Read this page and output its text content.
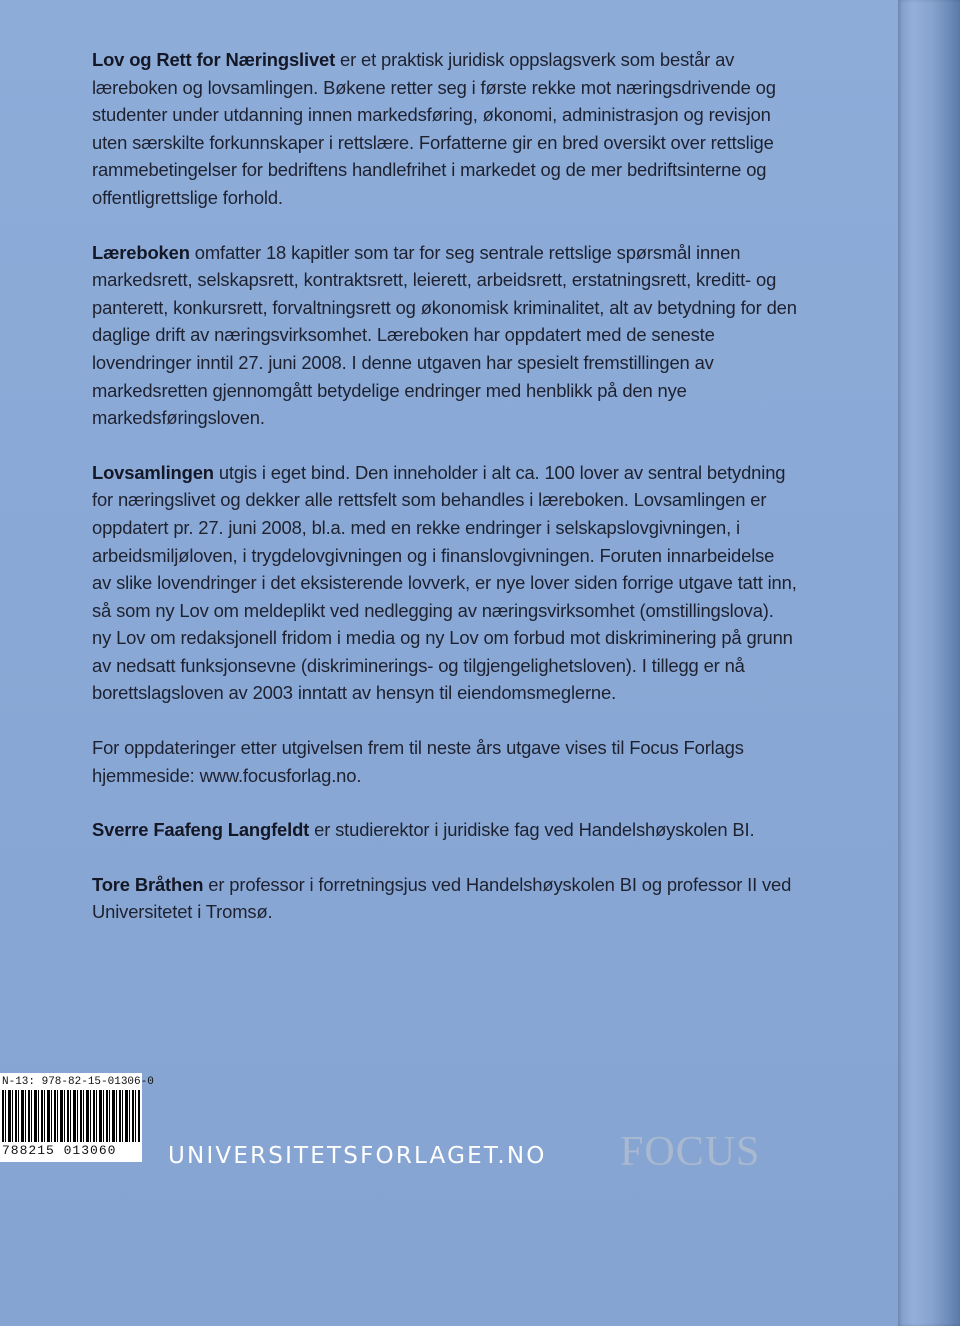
Lov og Rett for Næringslivet er et praktisk juridisk oppslagsverk som består av læreboken og lovsamlingen. Bøkene retter seg i første rekke mot næringsdrivende og studenter under utdanning innen markedsføring, økonomi, administrasjon og revisjon uten særskilte forkunnskaper i rettslære. Forfatterne gir en bred oversikt over rettslige rammebetingelser for bedriftens handlefrihet i markedet og de mer bedriftsinterne og offentligrettslige forhold.

Læreboken omfatter 18 kapitler som tar for seg sentrale rettslige spørsmål innen markedsrett, selskapsrett, kontraktsrett, leierett, arbeidsrett, erstatningsrett, kreditt- og panterett, konkursrett, forvaltningsrett og økonomisk kriminalitet, alt av betydning for den daglige drift av næringsvirksomhet. Læreboken har oppdatert med de seneste lovendringer inntil 27. juni 2008. I denne utgaven har spesielt fremstillingen av markedsretten gjennomgått betydelige endringer med henblikk på den nye markedsføringsloven.

Lovsamlingen utgis i eget bind. Den inneholder i alt ca. 100 lover av sentral betydning for næringslivet og dekker alle rettsfelt som behandles i læreboken. Lovsamlingen er oppdatert pr. 27. juni 2008, bl.a. med en rekke endringer i selskapslovgivningen, i arbeidsmiljøloven, i trygdelovgivningen og i finanslovgivningen. Foruten innarbeidelse av slike lovendringer i det eksisterende lovverk, er nye lover siden forrige utgave tatt inn, så som ny Lov om meldeplikt ved nedlegging av næringsvirksomhet (omstillingslova). ny Lov om redaksjonell fridom i media og ny Lov om forbud mot diskriminering på grunn av nedsatt funksjonsevne (diskriminerings- og tilgjengelighetsloven). I tillegg er nå borettslagsloven av 2003 inntatt av hensyn til eiendomsmeglerne.

For oppdateringer etter utgivelsen frem til neste års utgave vises til Focus Forlags hjemmeside: www.focusforlag.no.

Sverre Faafeng Langfeldt er studierektor i juridiske fag ved Handelshøyskolen BI.

Tore Bråthen er professor i forretningsjus ved Handelshøyskolen BI og professor II ved Universitetet i Tromsø.

N-13: 978-82-15-01306-0
788215 013060	UNIVERSITETSFORLAGET.NO FOCUS
